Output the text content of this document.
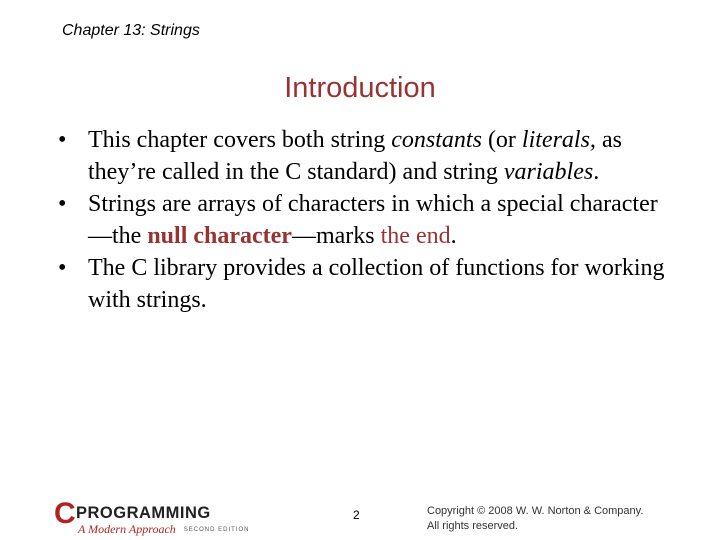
Chapter 13: Strings
Introduction
• This chapter covers both string constants (or literals, as they’re called in the C standard) and string variables.
• Strings are arrays of characters in which a special character—the null character—marks the end.
• The C library provides a collection of functions for working with strings.
C PROGRAMMING
A Modern Approach SECOND EDITION
2	Copyright © 2008 W. W. Norton & Company.
All rights reserved.
